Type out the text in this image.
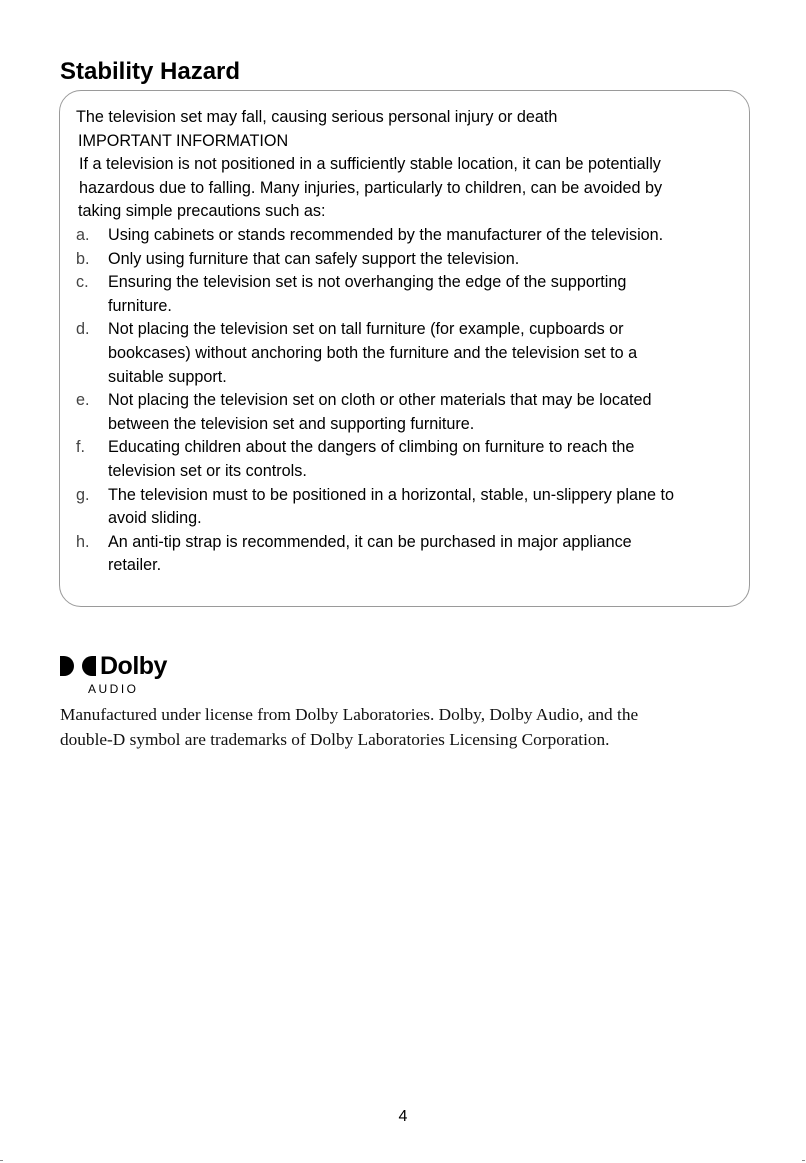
Stability Hazard
The television set may fall, causing serious personal injury or death
IMPORTANT INFORMATION
If a television is not positioned in a sufficiently stable location, it can be potentially
hazardous due to falling. Many injuries, particularly to children, can be avoided by
taking simple precautions such as:
a.	Using cabinets or stands recommended by the manufacturer of the television.
b.	Only using furniture that can safely support the television.
c.	Ensuring the television set is not overhanging the edge of the supporting
furniture.
d.	Not placing the television set on tall furniture (for example, cupboards or
bookcases) without anchoring both the furniture and the television set to a
suitable support.
e.	Not placing the television set on cloth or other materials that may be located
between the television set and supporting furniture.
f.	Educating children about the dangers of climbing on furniture to reach the
television set or its controls.
g.	The television must to be positioned in a horizontal, stable, un-slippery plane to
avoid sliding.
h.	An anti-tip strap is recommended, it can be purchased in major appliance
retailer.
Dolby
AUDIO
Manufactured under license from Dolby Laboratories. Dolby, Dolby Audio, and the
double-D symbol are trademarks of Dolby Laboratories Licensing Corporation.
4
